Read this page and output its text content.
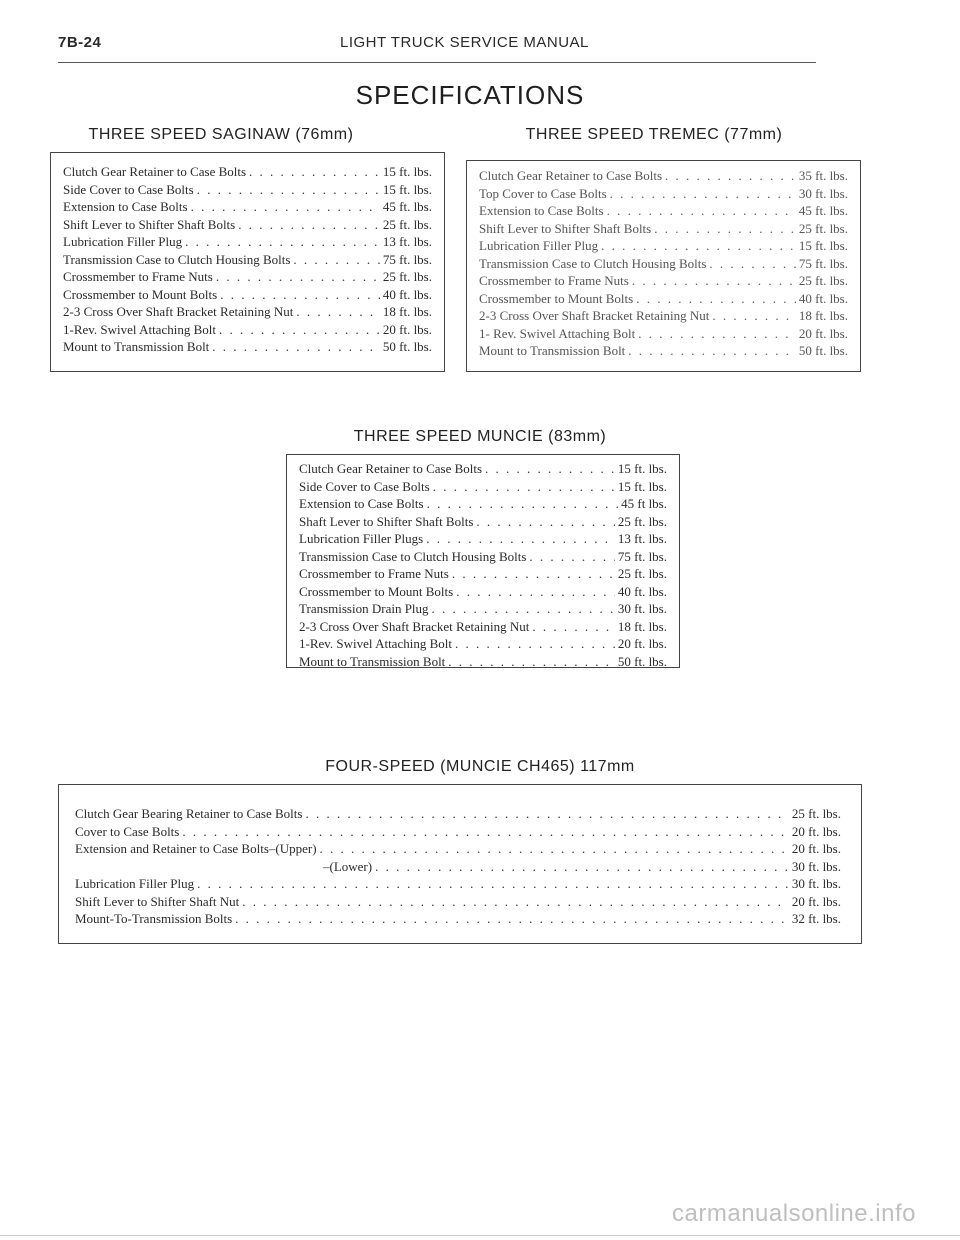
7B-24	LIGHT TRUCK SERVICE MANUAL
SPECIFICATIONS
THREE SPEED SAGINAW (76mm)
Clutch Gear Retainer to Case Bolts . . .	15 ft. lbs.
Side Cover to Case Bolts . . .	15 ft. lbs.
Extension to Case Bolts . . .	45 ft. lbs.
Shift Lever to Shifter Shaft Bolts . . .	25 ft. lbs.
Lubrication Filler Plug . . .	13 ft. lbs.
Transmission Case to Clutch Housing Bolts . . .	75 ft. lbs.
Crossmember to Frame Nuts . . .	25 ft. lbs.
Crossmember to Mount Bolts . . .	40 ft. lbs.
2-3 Cross Over Shaft Bracket Retaining Nut . . .	18 ft. lbs.
1-Rev. Swivel Attaching Bolt . . .	20 ft. lbs.
Mount to Transmission Bolt . . .	50 ft. lbs.
THREE SPEED TREMEC (77mm)
Clutch Gear Retainer to Case Bolts . . .	35 ft. lbs.
Top Cover to Case Bolts . . .	30 ft. lbs.
Extension to Case Bolts . . .	45 ft. lbs.
Shift Lever to Shifter Shaft Bolts . . .	25 ft. lbs.
Lubrication Filler Plug . . .	15 ft. lbs.
Transmission Case to Clutch Housing Bolts . . .	75 ft. lbs.
Crossmember to Frame Nuts . . .	25 ft. lbs.
Crossmember to Mount Bolts . . .	40 ft. lbs.
2-3 Cross Over Shaft Bracket Retaining Nut . . .	18 ft. lbs.
1- Rev. Swivel Attaching Bolt . . .	20 ft. lbs.
Mount to Transmission Bolt . . .	50 ft. lbs.
THREE SPEED MUNCIE (83mm)
Clutch Gear Retainer to Case Bolts . . .	15 ft. lbs.
Side Cover to Case Bolts . . .	15 ft. lbs.
Extension to Case Bolts . . .	45 ft lbs.
Shaft Lever to Shifter Shaft Bolts . . .	25 ft. lbs.
Lubrication Filler Plugs . . .	13 ft. lbs.
Transmission Case to Clutch Housing Bolts . . .	75 ft. lbs.
Crossmember to Frame Nuts . . .	25 ft. lbs.
Crossmember to Mount Bolts . . .	40 ft. lbs.
Transmission Drain Plug . . .	30 ft. lbs.
2-3 Cross Over Shaft Bracket Retaining Nut . . .	18 ft. lbs.
1-Rev. Swivel Attaching Bolt . . .	20 ft. lbs.
Mount to Transmission Bolt . . .	50 ft. lbs.
FOUR-SPEED (MUNCIE CH465) 117mm
Clutch Gear Bearing Retainer to Case Bolts . . .	25 ft. lbs.
Cover to Case Bolts . . .	20 ft. lbs.
Extension and Retainer to Case Bolts–(Upper) . . .	20 ft. lbs.
–(Lower) . . .	30 ft. lbs.
Lubrication Filler Plug . . .	30 ft. lbs.
Shift Lever to Shifter Shaft Nut . . .	20 ft. lbs.
Mount-To-Transmission Bolts . . .	32 ft. lbs.
carmanualsonline.info
